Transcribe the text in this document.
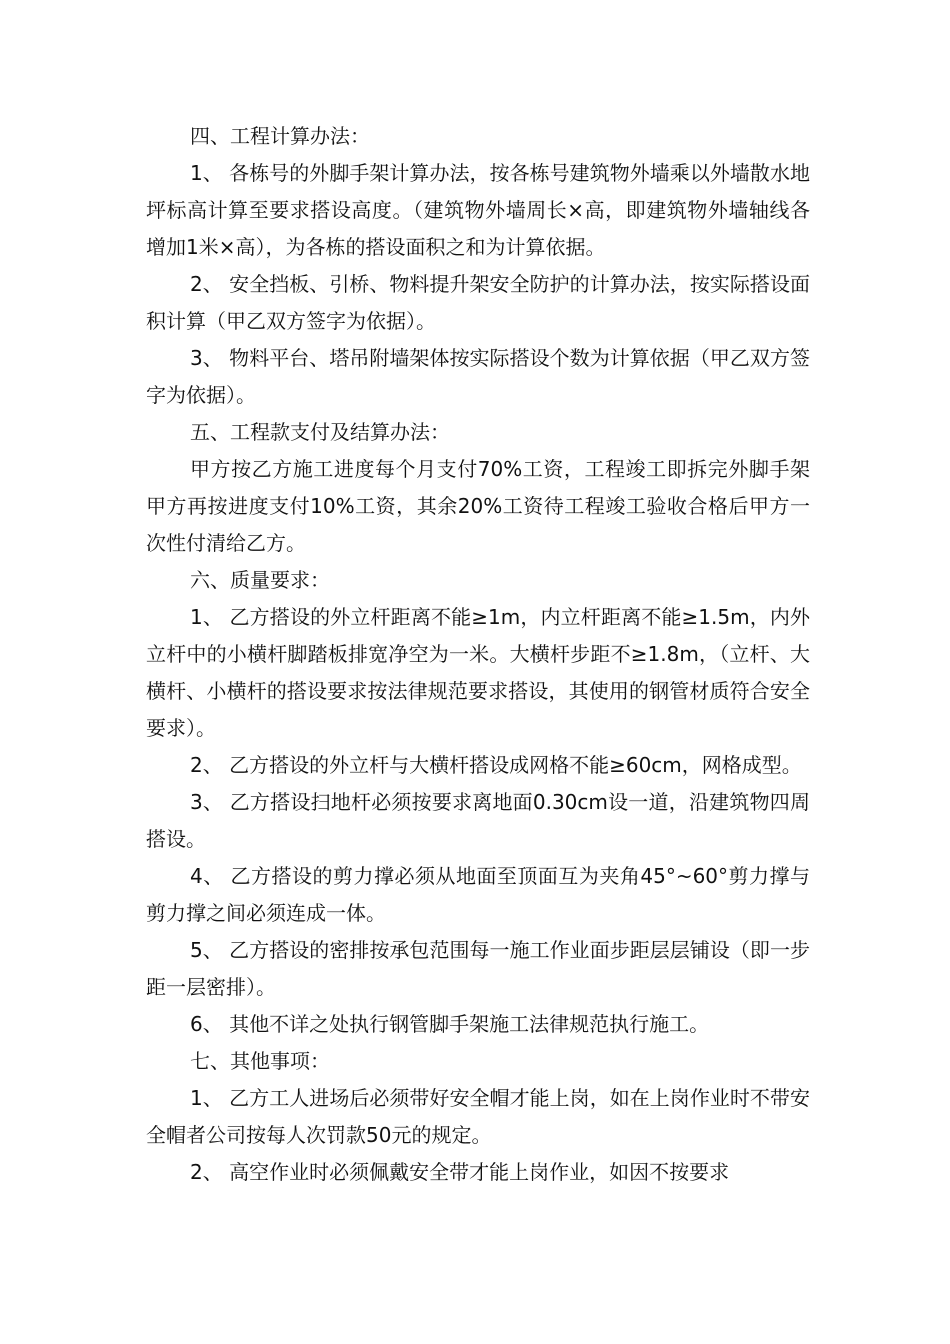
四、工程计算办法：

1、 各栋号的外脚手架计算办法，按各栋号建筑物外墙乘以外墙散水地坪标高计算至要求搭设高度。（建筑物外墙周长×高，即建筑物外墙轴线各增加1米×高），为各栋的搭设面积之和为计算依据。

2、 安全挡板、引桥、物料提升架安全防护的计算办法，按实际搭设面积计算（甲乙双方签字为依据）。

3、 物料平台、塔吊附墙架体按实际搭设个数为计算依据（甲乙双方签字为依据）。

五、工程款支付及结算办法：

甲方按乙方施工进度每个月支付70%工资，工程竣工即拆完外脚手架甲方再按进度支付10%工资，其余20%工资待工程竣工验收合格后甲方一次性付清给乙方。

六、质量要求：

1、 乙方搭设的外立杆距离不能≥1m，内立杆距离不能≥1.5m，内外立杆中的小横杆脚踏板排宽净空为一米。大横杆步距不≥1.8m，（立杆、大横杆、小横杆的搭设要求按法律规范要求搭设，其使用的钢管材质符合安全要求）。

2、 乙方搭设的外立杆与大横杆搭设成网格不能≥60cm，网格成型。

3、 乙方搭设扫地杆必须按要求离地面0.30cm设一道，沿建筑物四周搭设。

4、 乙方搭设的剪力撑必须从地面至顶面互为夹角45°~60°剪力撑与剪力撑之间必须连成一体。

5、 乙方搭设的密排按承包范围每一施工作业面步距层层铺设（即一步距一层密排）。

6、 其他不详之处执行钢管脚手架施工法律规范执行施工。

七、其他事项：

1、 乙方工人进场后必须带好安全帽才能上岗，如在上岗作业时不带安全帽者公司按每人次罚款50元的规定。

2、 高空作业时必须佩戴安全带才能上岗作业，如因不按要求
